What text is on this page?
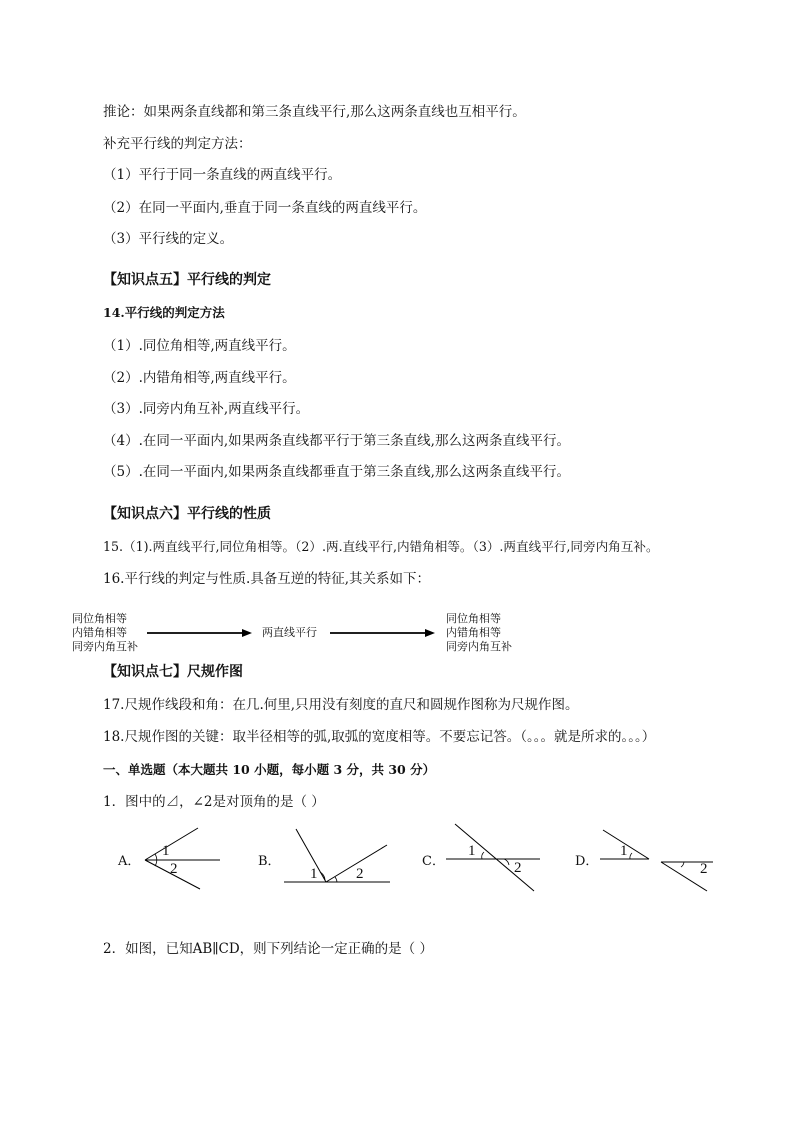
推论：如果两条直线都和第三条直线平行,那么这两条直线也互相平行。
补充平行线的判定方法：
（1）平行于同一条直线的两直线平行。
（2）在同一平面内,垂直于同一条直线的两直线平行。
（3）平行线的定义。
【知识点五】平行线的判定
14.平行线的判定方法
（1）.同位角相等,两直线平行。
（2）.内错角相等,两直线平行。
（3）.同旁内角互补,两直线平行。
（4）.在同一平面内,如果两条直线都平行于第三条直线,那么这两条直线平行。
（5）.在同一平面内,如果两条直线都垂直于第三条直线,那么这两条直线平行。
【知识点六】平行线的性质
15.（1).两直线平行,同位角相等。（2）.两.直线平行,内错角相等。（3）.两直线平行,同旁内角互补。
16.平行线的判定与性质.具备互逆的特征,其关系如下：
同位角相等
内错角相等
同旁内角互补
两直线平行
同位角相等
内错角相等
同旁内角互补
【知识点七】尺规作图
17.尺规作线段和角：在几.何里,只用没有刻度的直尺和圆规作图称为尺规作图。
18.尺规作图的关键：取半径相等的弧,取弧的宽度相等。不要忘记答。（。。。就是所求的。。。）
一、单选题（本大题共 10 小题，每小题 3 分，共 30 分）
1．图中的⊿，∠2是对顶角的是（ ）
A．
1
2	B．
1	2
C．
1
2	D．
1
2
2．如图，已知AB∥CD，则下列结论一定正确的是（ ）
